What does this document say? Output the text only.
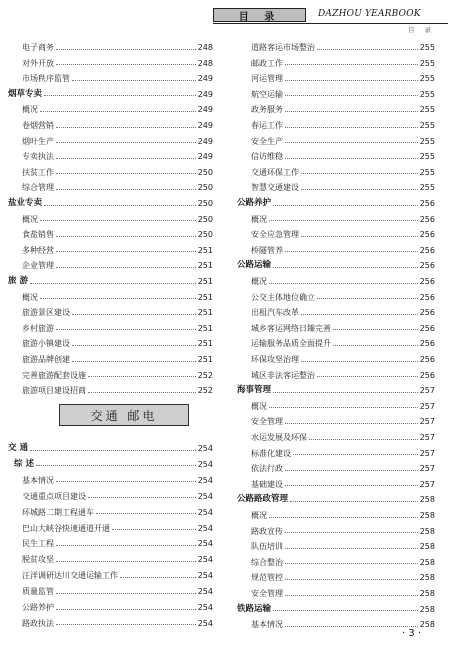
目 录	DAZHOU YEARBOOK
目 录
电子商务	248
对外开放	248
市场秩序监管	249
烟草专卖	249
概况	249
卷烟营销	249
烟叶生产	249
专卖执法	249
扶贫工作	250
综合管理	250
盐业专卖	250
概况	250
食盐销售	250
多种经营	251
企业管理	251
旅 游	251
概况	251
旅游景区建设	251
乡村旅游	251
旅游小镇建设	251
旅游品牌创建	251
完善旅游配套设施	252
旅游项目建设招商	252
交通 邮电
交 通	254
综 述	254
基本情况	254
交通重点项目建设	254
环城路二期工程通车	254
巴山大峡谷快速通道开通	254
民生工程	254
脱贫攻坚	254
汪洋调研达川交通运输工作	254
质量监管	254
公路养护	254
路政执法	254
道路客运市场整治	255
邮政工作	255
河运管理	255
航空运输	255
政务服务	255
春运工作	255
安全生产	255
信访维稳	255
交通环保工作	255
智慧交通建设	255
公路养护	256
概况	256
安全应急管理	256
桥隧管养	256
公路运输	256
概况	256
公交主体地位确立	256
出租汽车改革	256
城乡客运网络日臻完善	256
运输服务品质全面提升	256
环保攻坚治理	256
城区非法客运整治	256
海事管理	257
概况	257
安全管理	257
水运发展及环保	257
标准化建设	257
依法行政	257
基础建设	257
公路路政管理	258
概况	258
路政宣传	258
队伍培训	258
综合整治	258
规范管控	258
安全管理	258
铁路运输	258
基本情况	258
· 3 ·
